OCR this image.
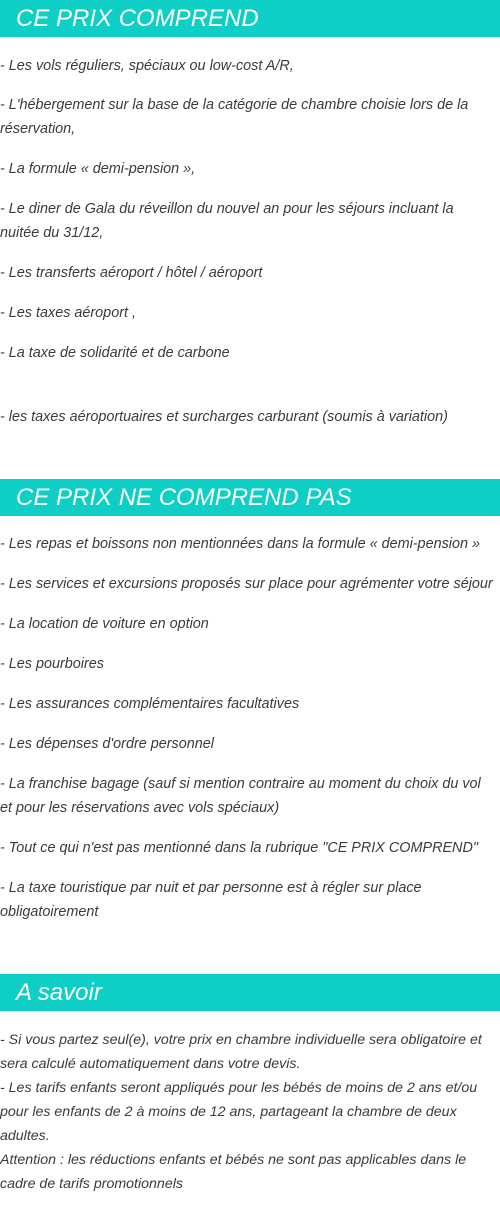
CE PRIX COMPREND

- Les vols réguliers, spéciaux ou low-cost A/R,

- L'hébergement sur la base de la catégorie de chambre choisie lors de la réservation,

- La formule « demi-pension »,

- Le diner de Gala du réveillon du nouvel an pour les séjours incluant la nuitée du 31/12,

- Les transferts aéroport / hôtel / aéroport

- Les taxes aéroport ,

- La taxe de solidarité et de carbone

- les taxes aéroportuaires et surcharges carburant (soumis à variation)

CE PRIX NE COMPREND PAS

- Les repas et boissons non mentionnées dans la formule « demi-pension »

- Les services et excursions proposés sur place pour agrémenter votre séjour

- La location de voiture en option

- Les pourboires

- Les assurances complémentaires facultatives

- Les dépenses d'ordre personnel

- La franchise bagage (sauf si mention contraire au moment du choix du vol et pour les réservations avec vols spéciaux)

- Tout ce qui n'est pas mentionné dans la rubrique "CE PRIX COMPREND"

- La taxe touristique par nuit et par personne est à régler sur place obligatoirement

A savoir

- Si vous partez seul(e), votre prix en chambre individuelle sera obligatoire et sera calculé automatiquement dans votre devis.

- Les tarifs enfants seront appliqués pour les bébés de moins de 2 ans et/ou pour les enfants de 2 à moins de 12 ans, partageant la chambre de deux adultes.

Attention : les réductions enfants et bébés ne sont pas applicables dans le cadre de tarifs promotionnels
